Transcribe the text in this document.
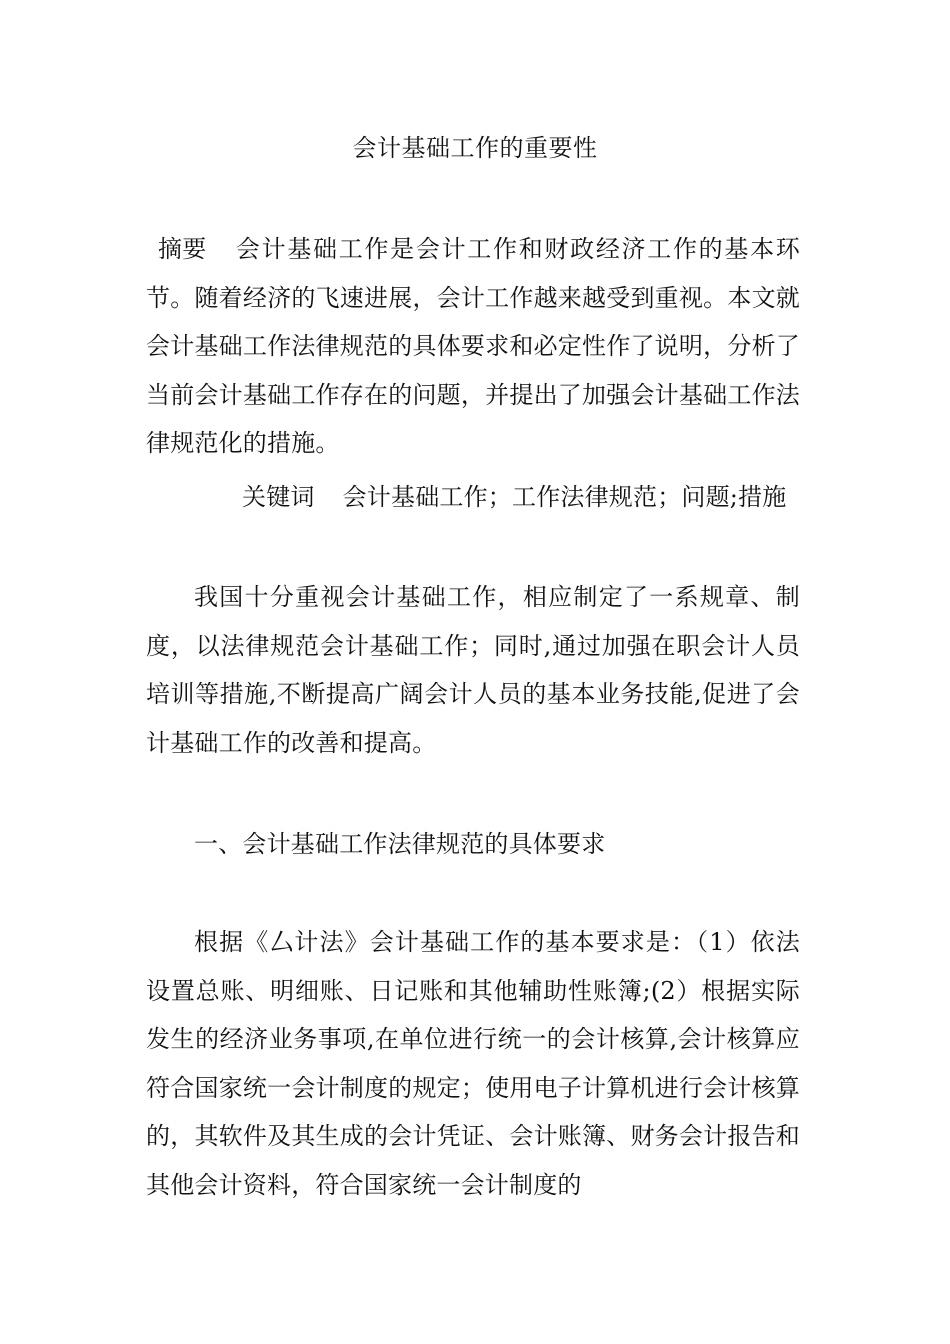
会计基础工作的重要性

摘要 会计基础工作是会计工作和财政经济工作的基本环节。随着经济的飞速进展，会计工作越来越受到重视。本文就会计基础工作法律规范的具体要求和必定性作了说明，分析了当前会计基础工作存在的问题，并提出了加强会计基础工作法律规范化的措施。

关键词 会计基础工作；工作法律规范；问题;措施

我国十分重视会计基础工作，相应制定了一系规章、制度，以法律规范会计基础工作；同时,通过加强在职会计人员培训等措施,不断提高广阔会计人员的基本业务技能,促进了会计基础工作的改善和提高。

一、会计基础工作法律规范的具体要求

根据《厶计法》会计基础工作的基本要求是：（1）依法设置总账、明细账、日记账和其他辅助性账簿;(2）根据实际发生的经济业务事项,在单位进行统一的会计核算,会计核算应符合国家统一会计制度的规定；使用电子计算机进行会计核算的，其软件及其生成的会计凭证、会计账簿、财务会计报告和其他会计资料，符合国家统一会计制度的
